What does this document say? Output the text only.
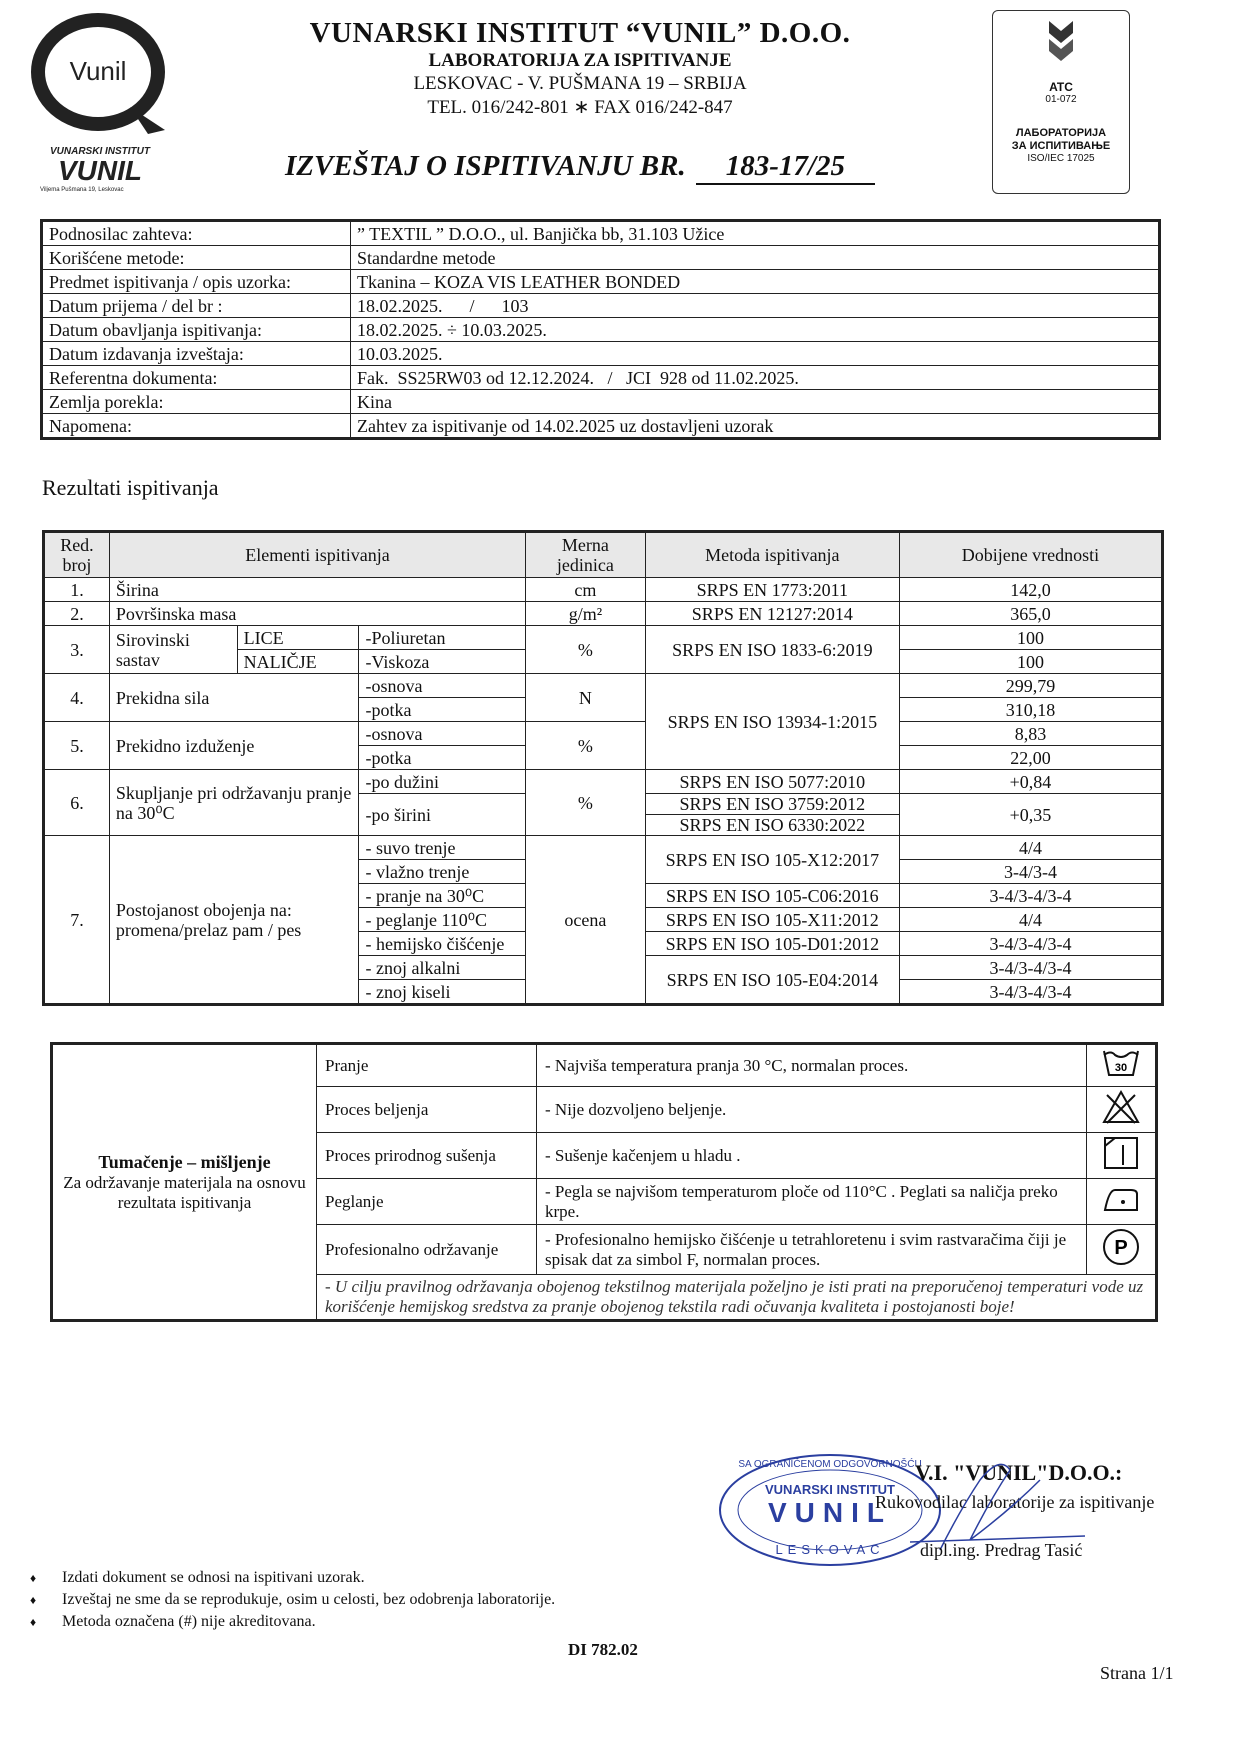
Vunil
VUNARSKI INSTITUT
VUNIL
Viljema Pušmana 19, Leskovac
VUNARSKI INSTITUT “VUNIL” D.O.O.
LABORATORIJA ZA ISPITIVANJE
LESKOVAC - V. PUŠMANA 19 – SRBIJA
TEL. 016/242-801 ∗ FAX 016/242-847
IZVEŠTAJ O ISPITIVANJU BR. 183-17/25
ATC
01-072
ЛАБОРАТОРИЈА
ЗА ИСПИТИВАЊЕ
ISO/IEC 17025
Podnosilac zahteva:	” TEXTIL ” D.O.O., ul. Banjička bb, 31.103 Užice
Korišćene metode:	Standardne metode
Predmet ispitivanja / opis uzorka:	Tkanina – KOZA VIS LEATHER BONDED
Datum prijema / del br :	18.02.2025.      /      103
Datum obavljanja ispitivanja:	18.02.2025. ÷ 10.03.2025.
Datum izdavanja izveštaja:	10.03.2025.
Referentna dokumenta:	Fak.  SS25RW03 od 12.12.2024.   /   JCI  928 od 11.02.2025.
Zemlja porekla:	Kina
Napomena:	Zahtev za ispitivanje od 14.02.2025 uz dostavljeni uzorak
Rezultati ispitivanja
Red. broj	Elementi ispitivanja			Merna jedinica	Metoda ispitivanja	Dobijene vrednosti
1.	Širina			cm	SRPS EN 1773:2011	142,0
2.	Površinska masa			g/m²	SRPS EN 12127:2014	365,0
3.	Sirovinski sastav	LICE	-Poliuretan	%	SRPS EN ISO 1833-6:2019	100
		NALIČJE	-Viskoza			100
4.	Prekidna sila		-osnova	N	SRPS EN ISO 13934-1:2015	299,79
			-potka			310,18
5.	Prekidno izduženje		-osnova	%		8,83
			-potka			22,00
6.	Skupljanje pri održavanju pranje na 30⁰C		-po dužini	%	SRPS EN ISO 5077:2010	+0,84
			-po širini		SRPS EN ISO 3759:2012	+0,35
					SRPS EN ISO 6330:2022	
7.	Postojanost obojenja na: promena/prelaz pam / pes		- suvo trenje	ocena	SRPS EN ISO 105-X12:2017	4/4
			- vlažno trenje			3-4/3-4
			- pranje na 30⁰C		SRPS EN ISO 105-C06:2016	3-4/3-4/3-4
			- peglanje 110⁰C		SRPS EN ISO 105-X11:2012	4/4
			- hemijsko čišćenje		SRPS EN ISO 105-D01:2012	3-4/3-4/3-4
			- znoj alkalni		SRPS EN ISO 105-E04:2014	3-4/3-4/3-4
			- znoj kiseli			3-4/3-4/3-4
Tumačenje – mišljenje
Za održavanje materijala na osnovu rezultata ispitivanja	Pranje	- Najviša temperatura pranja 30 °C, normalan proces.	30

	Proces beljenja	- Nije dozvoljeno beljenje.	
	Proces prirodnog sušenja	- Sušenje kačenjem u hladu .	
	Peglanje	- Pegla se najvišom temperaturom ploče od 110°C . Peglati sa naličja preko krpe.	
	Profesionalno održavanje	- Profesionalno hemijsko čišćenje u tetrahloretenu i svim rastvaračima čiji je spisak dat za simbol F, normalan proces.	P

	- U cilju pravilnog održavanja obojenog tekstilnog materijala poželjno je isti prati na preporučenoj temperaturi vode uz korišćenje hemijskog sredstva za pranje obojenog tekstila radi očuvanja kvaliteta i postojanosti boje!		
SA OGRANIČENOM ODGOVORNOŠĆU
VUNARSKI INSTITUT
VUNIL
LESKOVAC
V.I. "VUNIL"D.O.O.:
Rukovodilac laboratorije za ispitivanje
dipl.ing. Predrag Tasić
♦ Izdati dokument se odnosi na ispitivani uzorak.
♦ Izveštaj ne sme da se reprodukuje, osim u celosti, bez odobrenja laboratorije.
♦ Metoda označena (#) nije akreditovana.
DI 782.02
Strana 1/1
